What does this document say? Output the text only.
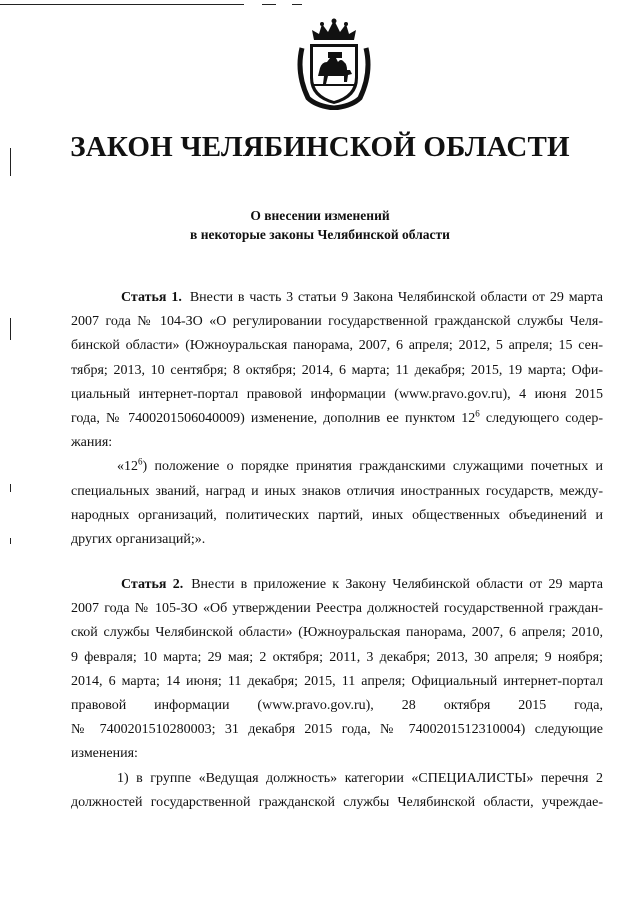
ЗАКОН ЧЕЛЯБИНСКОЙ ОБЛАСТИ
О внесении изменений
в некоторые законы Челябинской области
Статья 1. Внести в часть 3 статьи 9 Закона Челябинской области от 29 марта
2007 года № 104-ЗО «О регулировании государственной гражданской службы Челя-
бинской области» (Южноуральская панорама, 2007, 6 апреля; 2012, 5 апреля; 15 сен-
тября; 2013, 10 сентября; 8 октября; 2014, 6 марта; 11 декабря; 2015, 19 марта; Офи-
циальный интернет-портал правовой информации (www.pravo.gov.ru), 4 июня 2015
года, № 7400201506040009) изменение, дополнив ее пунктом $12^6$ следующего содер-
жания:
«$12^6$) положение о порядке принятия гражданскими служащими почетных и
специальных званий, наград и иных знаков отличия иностранных государств, между-
народных организаций, политических партий, иных общественных объединений и
других организаций;».
Статья 2. Внести в приложение к Закону Челябинской области от 29 марта
2007 года № 105-ЗО «Об утверждении Реестра должностей государственной граждан-
ской службы Челябинской области» (Южноуральская панорама, 2007, 6 апреля; 2010,
9 февраля; 10 марта; 29 мая; 2 октября; 2011, 3 декабря; 2013, 30 апреля; 9 ноября;
2014, 6 марта; 14 июня; 11 декабря; 2015, 11 апреля; Официальный интернет-портал
правовой информации (www.pravo.gov.ru), 28 октября 2015 года,
№ 7400201510280003; 31 декабря 2015 года, № 7400201512310004) следующие
изменения:
1) в группе «Ведущая должность» категории «СПЕЦИАЛИСТЫ» перечня 2
должностей государственной гражданской службы Челябинской области, учреждае-
